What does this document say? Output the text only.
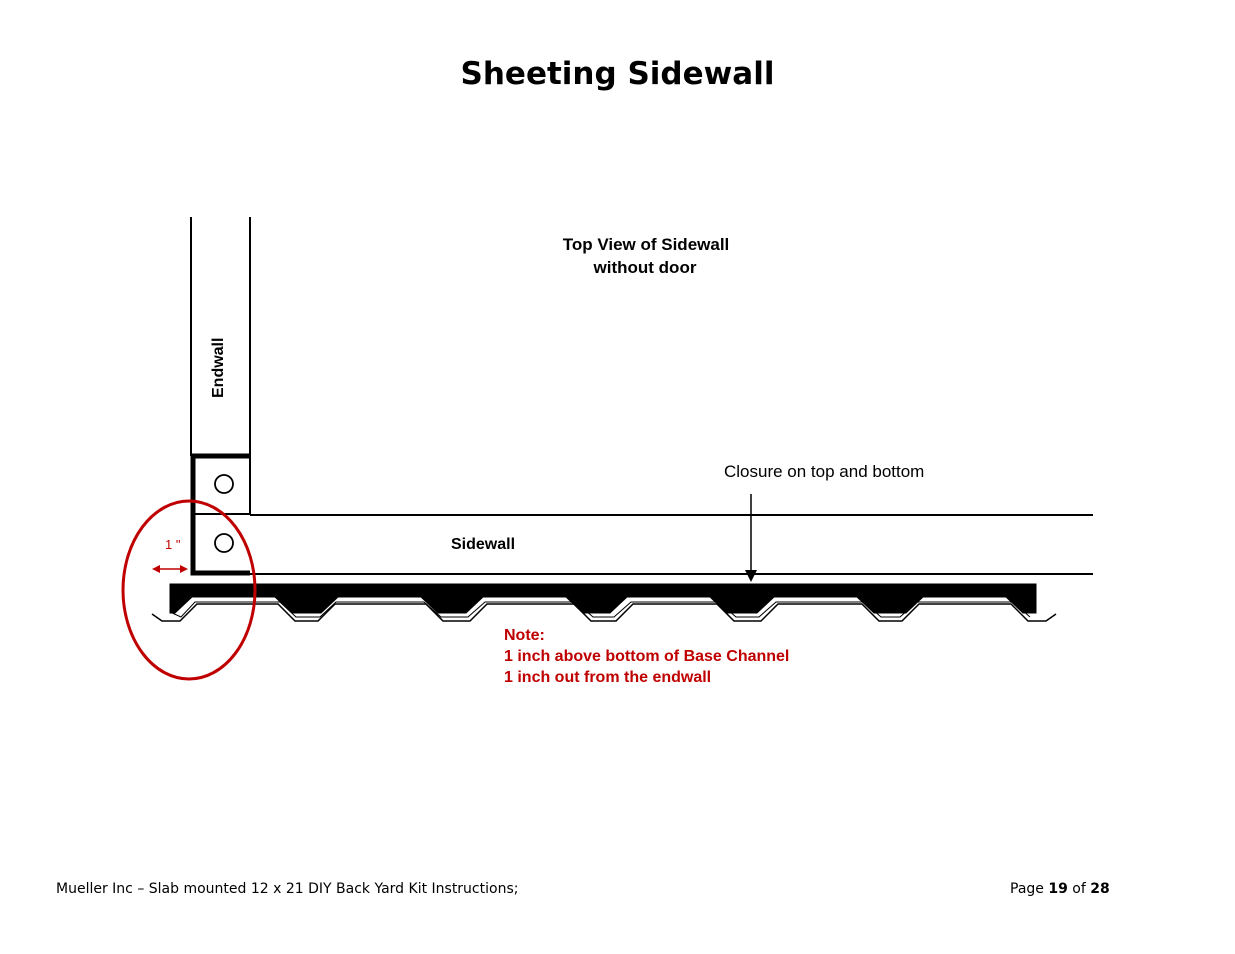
Sheeting Sidewall
Top View of Sidewall
without door
Endwall
Sidewall
Closure on top and bottom
1 "
Note:
1 inch above bottom of Base Channel
1 inch out from the endwall
Mueller Inc – Slab mounted 12 x 21 DIY Back Yard Kit Instructions;	Page 19 of 28
